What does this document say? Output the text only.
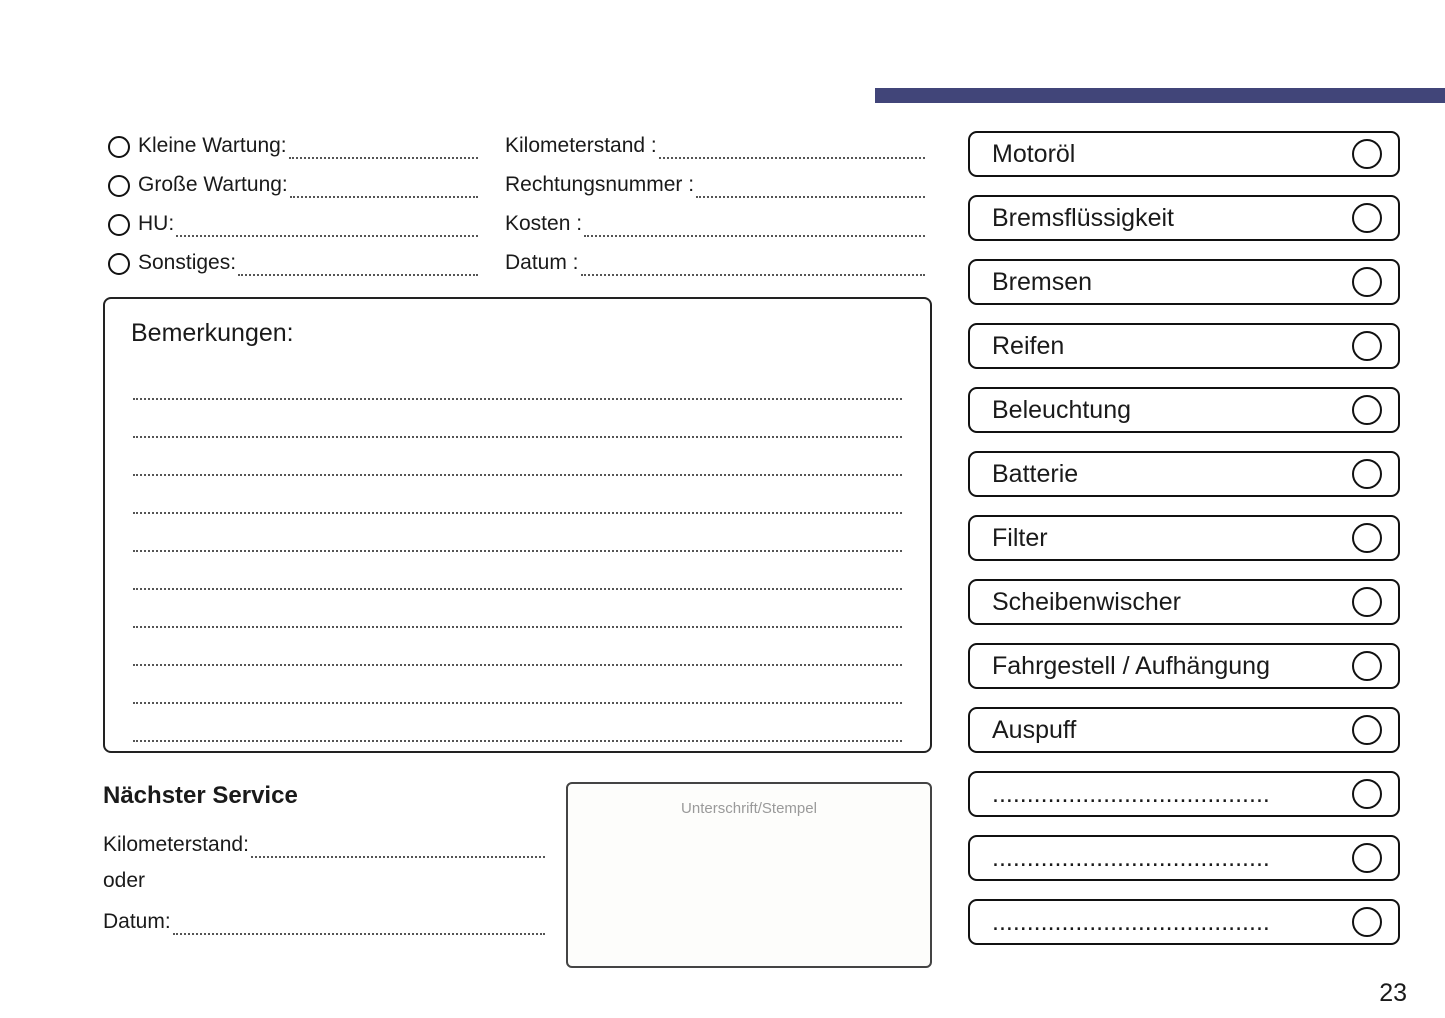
Kleine Wartung:
Große Wartung:
HU:
Sonstiges:
Kilometerstand :
Rechtungsnummer :
Kosten :
Datum :
Bemerkungen:
Nächster Service
Kilometerstand:
oder
Datum:
Unterschrift/Stempel
Motoröl
Bremsflüssigkeit
Bremsen
Reifen
Beleuchtung
Batterie
Filter
Scheibenwischer
Fahrgestell / Aufhängung
Auspuff
........................................
........................................
........................................
23
